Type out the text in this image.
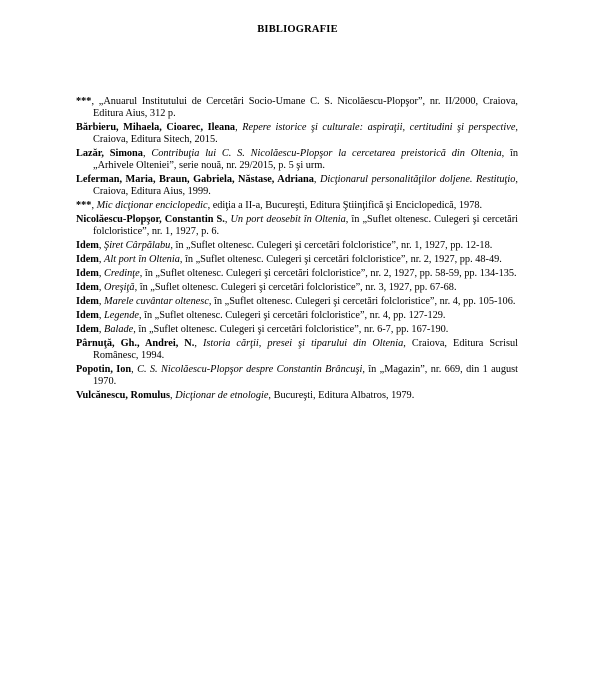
BIBLIOGRAFIE

***, „Anuarul Institutului de Cercetări Socio-Umane C. S. Nicolăescu-Plopşor”, nr. II/2000, Craiova, Editura Aius, 312 p.

Bărbieru, Mihaela, Cioarec, Ileana, Repere istorice şi culturale: aspiraţii, certitudini şi perspective, Craiova, Editura Sitech, 2015.

Lazăr, Simona, Contribuţia lui C. S. Nicolăescu-Plopşor la cercetarea preistorică din Oltenia, în „Arhivele Olteniei”, serie nouă, nr. 29/2015, p. 5 şi urm.

Leferman, Maria, Braun, Gabriela, Năstase, Adriana, Dicţionarul personalităţilor doljene. Restituţio, Craiova, Editura Aius, 1999.

***, Mic dicţionar enciclopedic, ediţia a II-a, Bucureşti, Editura Ştiinţifică şi Enciclopedică, 1978.

Nicolăescu-Plopşor, Constantin S., Un port deosebit în Oltenia, în „Suflet oltenesc. Culegeri şi cercetări folcloristice”, nr. 1, 1927, p. 6.

Idem, Şiret Cârpălabu, în „Suflet oltenesc. Culegeri şi cercetări folcloristice”, nr. 1, 1927, pp. 12-18.

Idem, Alt port în Oltenia, în „Suflet oltenesc. Culegeri şi cercetări folcloristice”, nr. 2, 1927, pp. 48-49.

Idem, Credinţe, în „Suflet oltenesc. Culegeri şi cercetări folcloristice”, nr. 2, 1927, pp. 58-59, pp. 134-135.

Idem, Oreşiţă, în „Suflet oltenesc. Culegeri şi cercetări folcloristice”, nr. 3, 1927, pp. 67-68.

Idem, Marele cuvântar oltenesc, în „Suflet oltenesc. Culegeri şi cercetări folcloristice”, nr. 4, pp. 105-106.

Idem, Legende, în „Suflet oltenesc. Culegeri şi cercetări folcloristice”, nr. 4, pp. 127-129.

Idem, Balade, în „Suflet oltenesc. Culegeri şi cercetări folcloristice”, nr. 6-7, pp. 167-190.

Pârnuţă, Gh., Andrei, N., Istoria cărţii, presei şi tiparului din Oltenia, Craiova, Editura Scrisul Românesc, 1994.

Popotin, Ion, C. S. Nicolăescu-Plopşor despre Constantin Brâncuşi, în „Magazin”, nr. 669, din 1 august 1970.

Vulcănescu, Romulus, Dicţionar de etnologie, Bucureşti, Editura Albatros, 1979.
